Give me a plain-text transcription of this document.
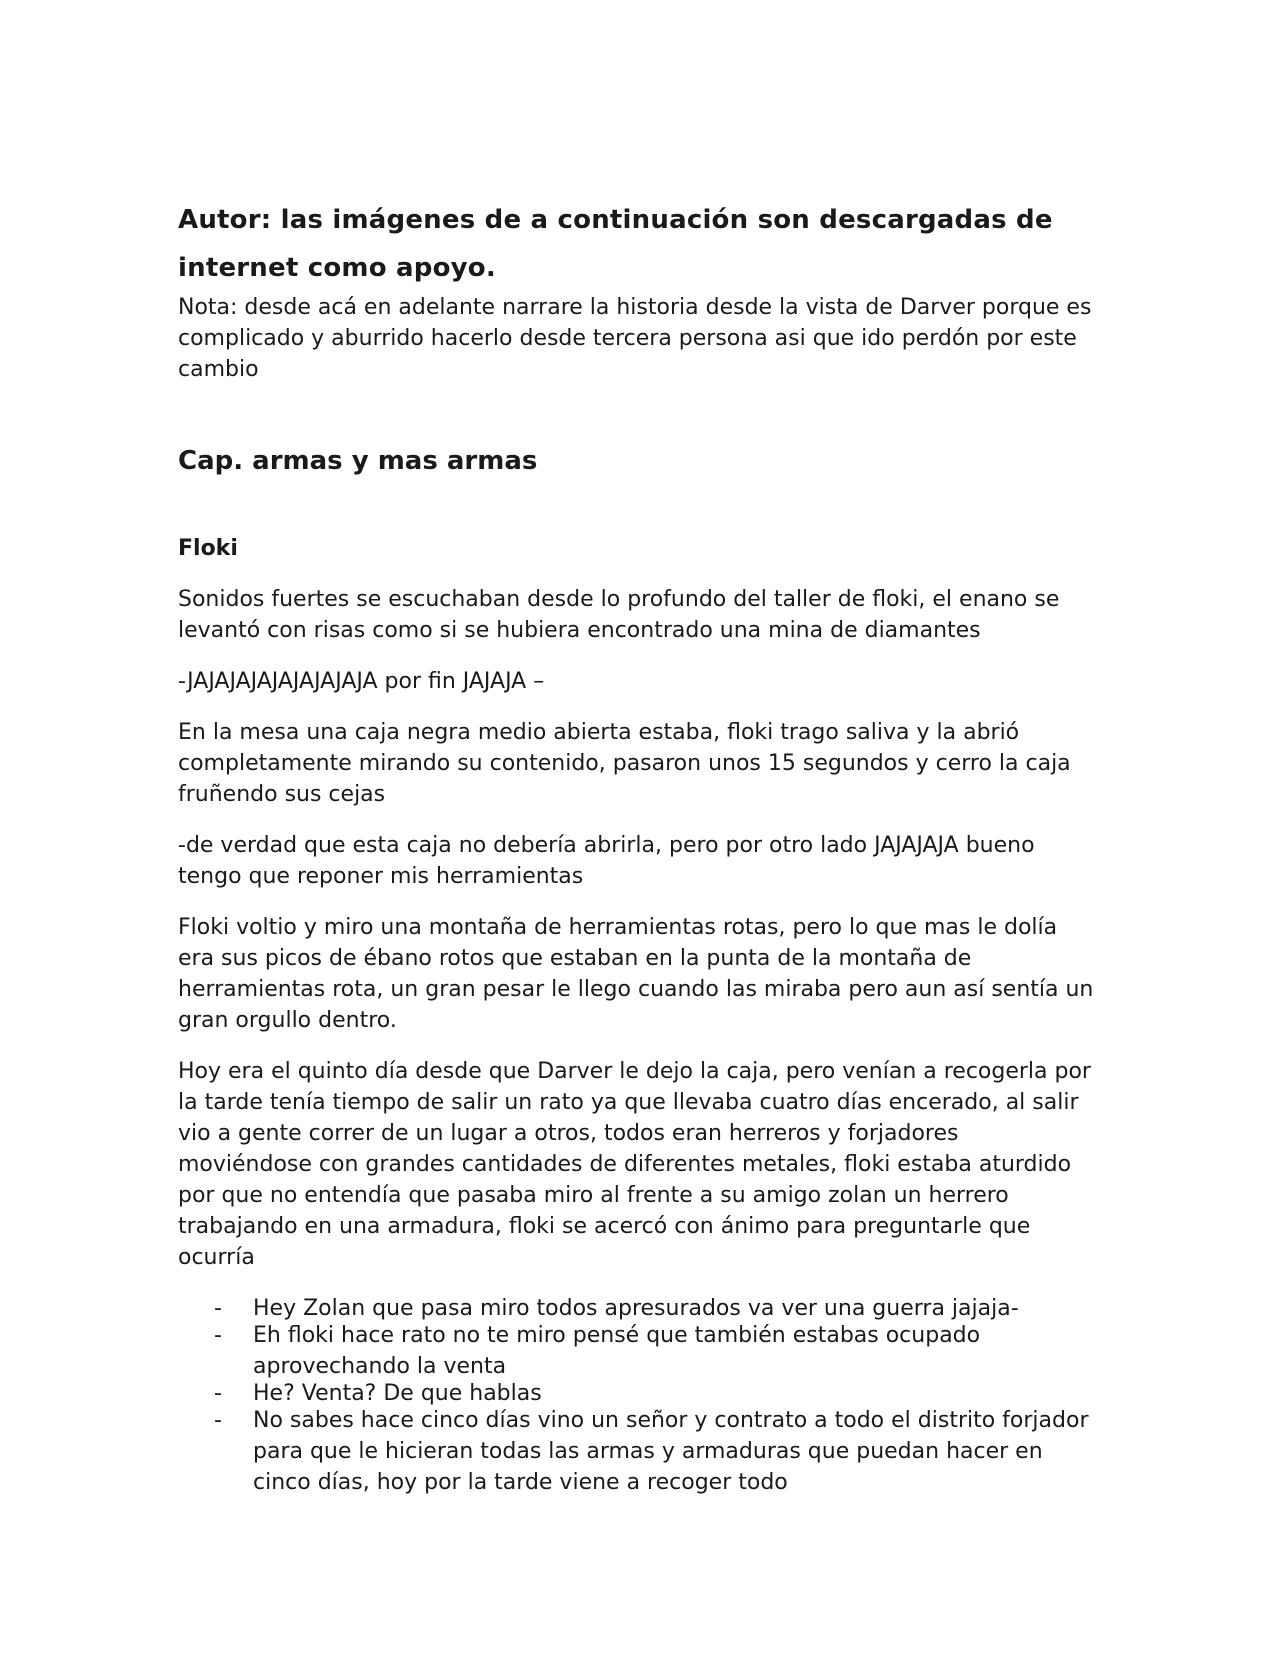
Autor: las imágenes de a continuación son descargadas de internet como apoyo.

Nota: desde acá en adelante narrare la historia desde la vista de Darver porque es complicado y aburrido hacerlo desde tercera persona asi que ido perdón por este cambio

Cap. armas y mas armas
Floki

Sonidos fuertes se escuchaban desde lo profundo del taller de floki, el enano se levantó con risas como si se hubiera encontrado una mina de diamantes

-JAJAJAJAJAJAJAJAJA por fin JAJAJA –

En la mesa una caja negra medio abierta estaba, floki trago saliva y la abrió completamente mirando su contenido, pasaron unos 15 segundos y cerro la caja fruñendo sus cejas

-de verdad que esta caja no debería abrirla, pero por otro lado JAJAJAJA bueno tengo que reponer mis herramientas

Floki voltio y miro una montaña de herramientas rotas, pero lo que mas le dolía era sus picos de ébano rotos que estaban en la punta de la montaña de herramientas rota, un gran pesar le llego cuando las miraba pero aun así sentía un gran orgullo dentro.

Hoy era el quinto día desde que Darver le dejo la caja, pero venían a recogerla por la tarde tenía tiempo de salir un rato ya que llevaba cuatro días encerado, al salir vio a gente correr de un lugar a otros, todos eran herreros y forjadores moviéndose con grandes cantidades de diferentes metales, floki estaba aturdido por que no entendía que pasaba miro al frente a su amigo zolan un herrero trabajando en una armadura, floki se acercó con ánimo para preguntarle que ocurría

- Hey Zolan que pasa miro todos apresurados va ver una guerra jajaja-
- Eh floki hace rato no te miro pensé que también estabas ocupado aprovechando la venta
- He? Venta? De que hablas
- No sabes hace cinco días vino un señor y contrato a todo el distrito forjador para que le hicieran todas las armas y armaduras que puedan hacer en cinco días, hoy por la tarde viene a recoger todo
